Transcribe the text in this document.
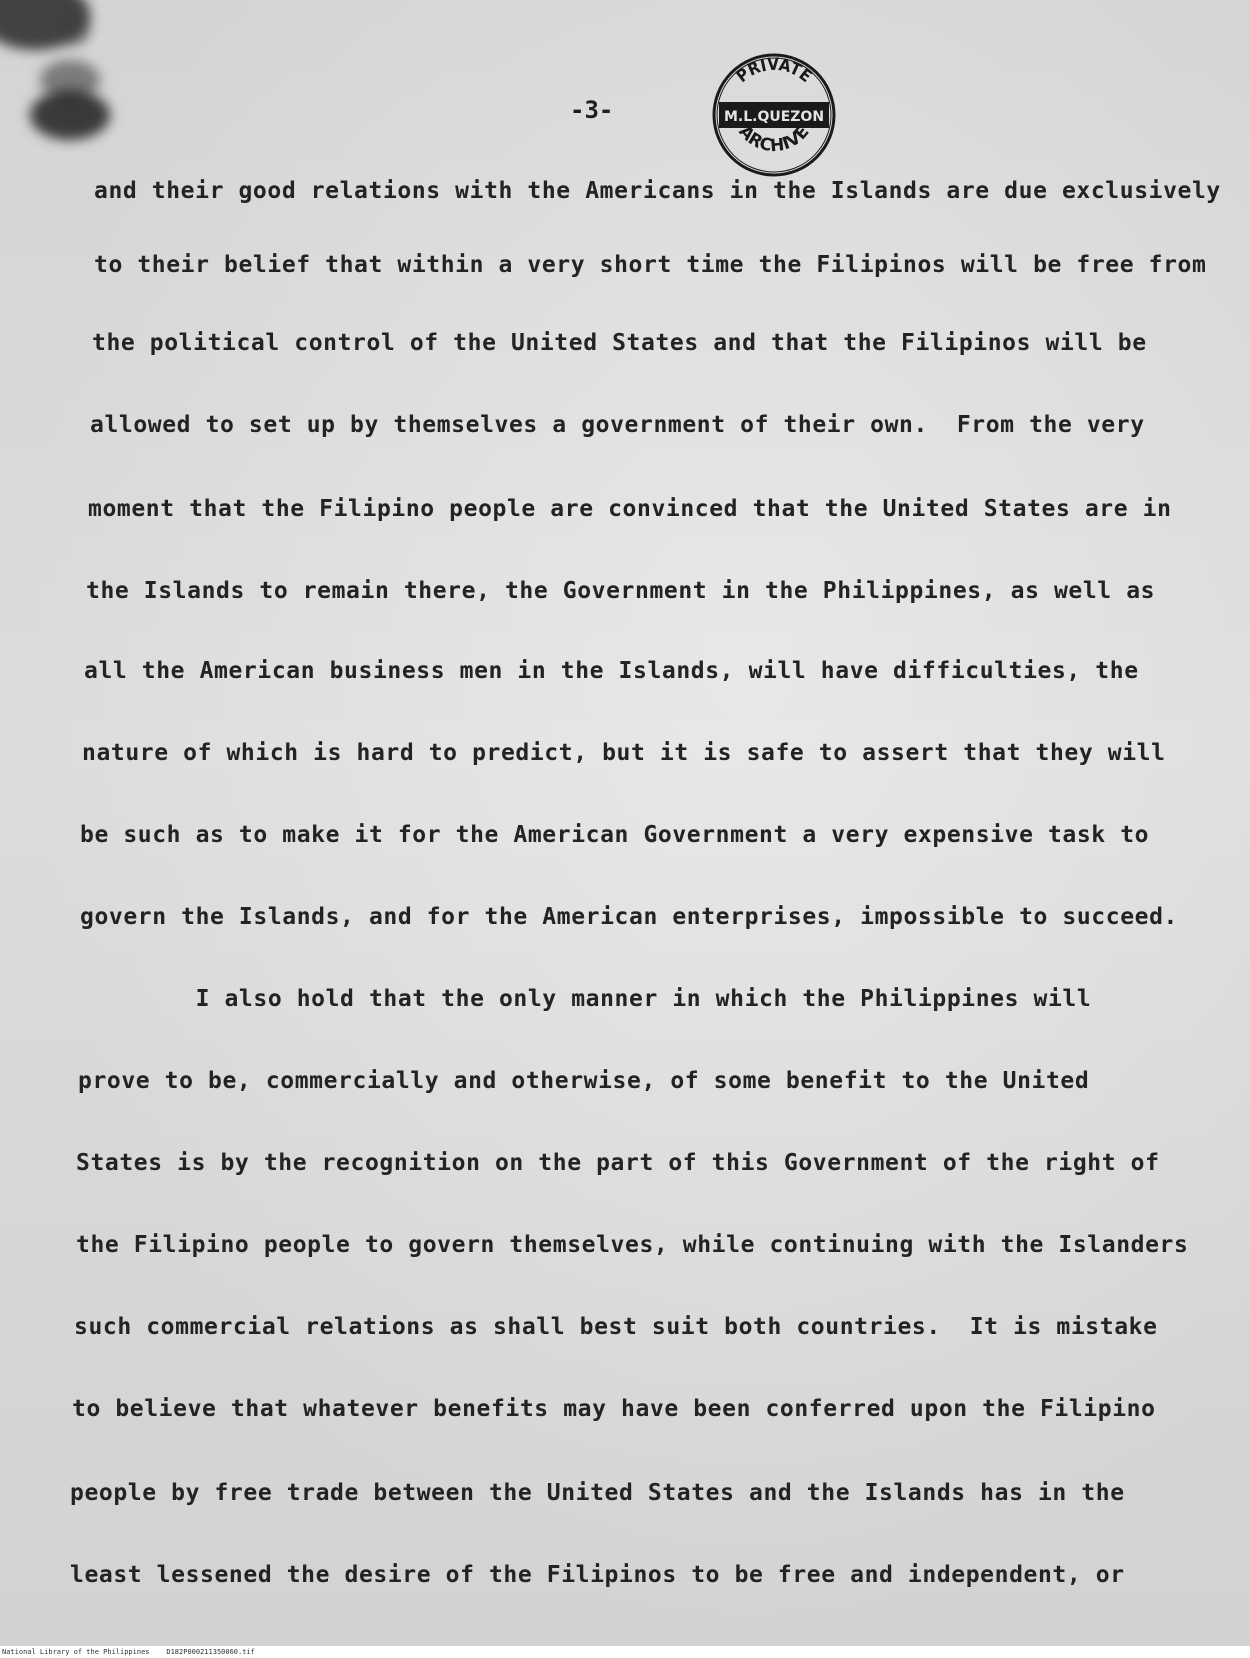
-3-
PRIVATE
M.L.QUEZON
ARCHIVE
and their good relations with the Americans in the Islands are due exclusively
to their belief that within a very short time the Filipinos will be free from
the political control of the United States and that the Filipinos will be
allowed to set up by themselves a government of their own.  From the very
moment that the Filipino people are convinced that the United States are in
the Islands to remain there, the Government in the Philippines, as well as
all the American business men in the Islands, will have difficulties, the
nature of which is hard to predict, but it is safe to assert that they will
be such as to make it for the American Government a very expensive task to
govern the Islands, and for the American enterprises, impossible to succeed.
I also hold that the only manner in which the Philippines will
prove to be, commercially and otherwise, of some benefit to the United
States is by the recognition on the part of this Government of the right of
the Filipino people to govern themselves, while continuing with the Islanders
such commercial relations as shall best suit both countries.  It is mistake
to believe that whatever benefits may have been conferred upon the Filipino
people by free trade between the United States and the Islands has in the
least lessened the desire of the Filipinos to be free and independent, or
National Library of the Philippines D182P000211350060.tif
